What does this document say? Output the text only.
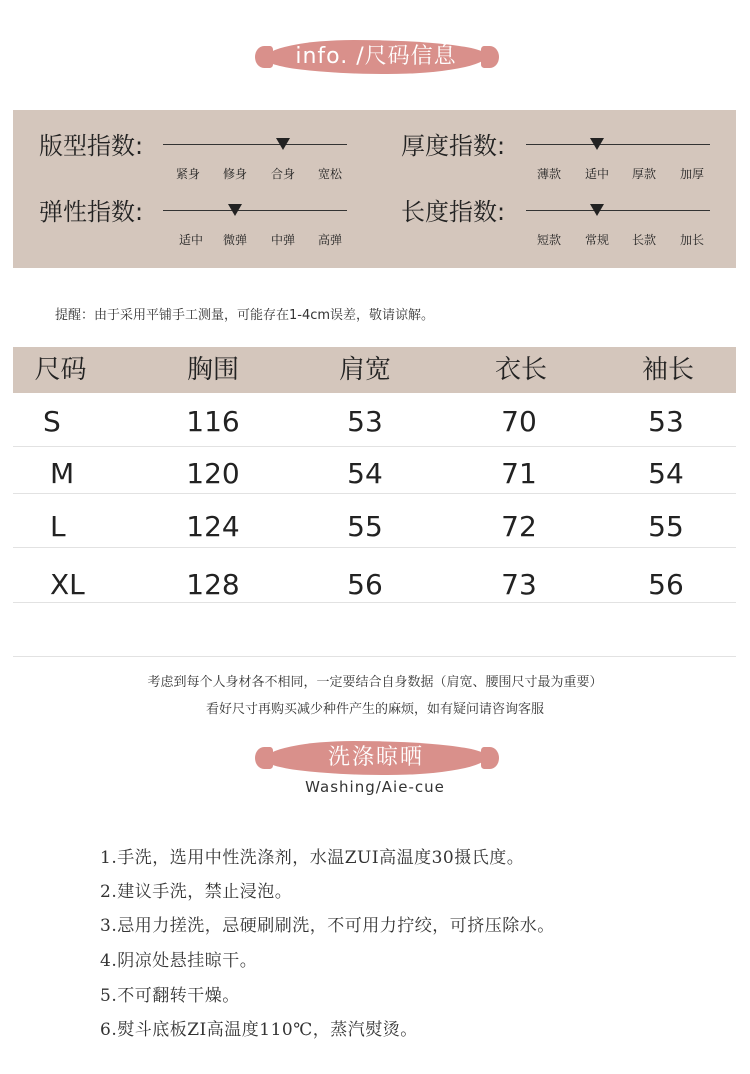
info. /尺码信息
版型指数:
紧身	修身	合身	宽松
厚度指数:
薄款	适中	厚款	加厚
弹性指数:
适中	微弹	中弹	高弹
长度指数:
短款	常规	长款	加长
提醒：由于采用平铺手工测量，可能存在1-4cm误差，敬请谅解。
尺码	胸围	肩宽	衣长	袖长
S	116	53	70	53
M	120	54	71	54
L	124	55	72	55
XL	128	56	73	56
考虑到每个人身材各不相同，一定要结合自身数据（肩宽、腰围尺寸最为重要）
看好尺寸再购买减少种件产生的麻烦，如有疑问请咨询客服
洗涤晾晒
Washing/Aie-cue
1.手洗，选用中性洗涤剂，水温ZUI高温度30摄氏度。
2.建议手洗，禁止浸泡。
3.忌用力搓洗，忌硬刷刷洗，不可用力拧绞，可挤压除水。
4.阴凉处悬挂晾干。
5.不可翻转干燥。
6.熨斗底板ZI高温度110℃，蒸汽熨烫。
